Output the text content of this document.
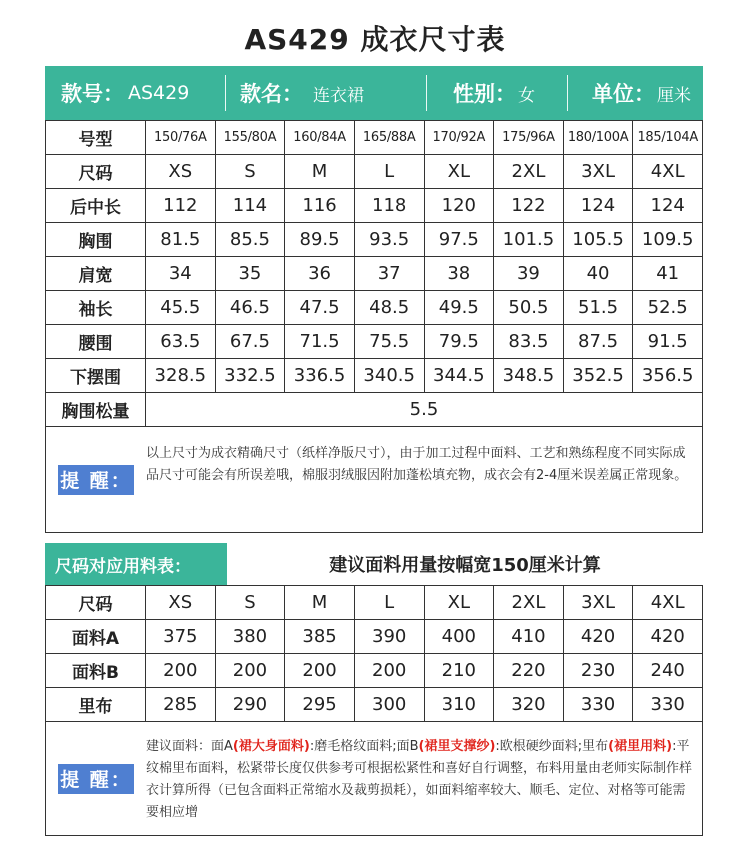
AS429 成衣尺寸表
款号： AS429 款名： 连衣裙	性别： 女	单位： 厘米
号型	150/76A	155/80A	160/84A	165/88A	170/92A	175/96A	180/100A	185/104A
尺码	XS	S	M	L	XL	2XL	3XL	4XL
后中长	112	114	116	118	120	122	124	124
胸围	81.5	85.5	89.5	93.5	97.5	101.5	105.5	109.5
肩宽	34	35	36	37	38	39	40	41
袖长	45.5	46.5	47.5	48.5	49.5	50.5	51.5	52.5
腰围	63.5	67.5	71.5	75.5	79.5	83.5	87.5	91.5
下摆围	328.5	332.5	336.5	340.5	344.5	348.5	352.5	356.5
胸围松量	5.5							
提 醒：
以上尺寸为成衣精确尺寸（纸样净版尺寸），由于加工过程中面料、工艺和熟练程度不同实际成品尺寸可能会有所误差哦，棉服羽绒服因附加蓬松填充物，成衣会有2-4厘米误差属正常现象。
尺码对应用料表：	建议面料用量按幅宽150厘米计算
尺码	XS	S	M	L	XL	2XL	3XL	4XL
面料A	375	380	385	390	400	410	420	420
面料B	200	200	200	200	210	220	230	240
里布	285	290	295	300	310	320	330	330
提 醒：
建议面料：面A(裙大身面料):磨毛格纹面料;面B(裙里支撑纱):欧根硬纱面料;里布(裙里用料):平纹棉里布面料，松紧带长度仅供参考可根据松紧性和喜好自行调整，布料用量由老师实际制作样衣计算所得（已包含面料正常缩水及裁剪损耗），如面料缩率较大、顺毛、定位、对格等可能需要相应增
